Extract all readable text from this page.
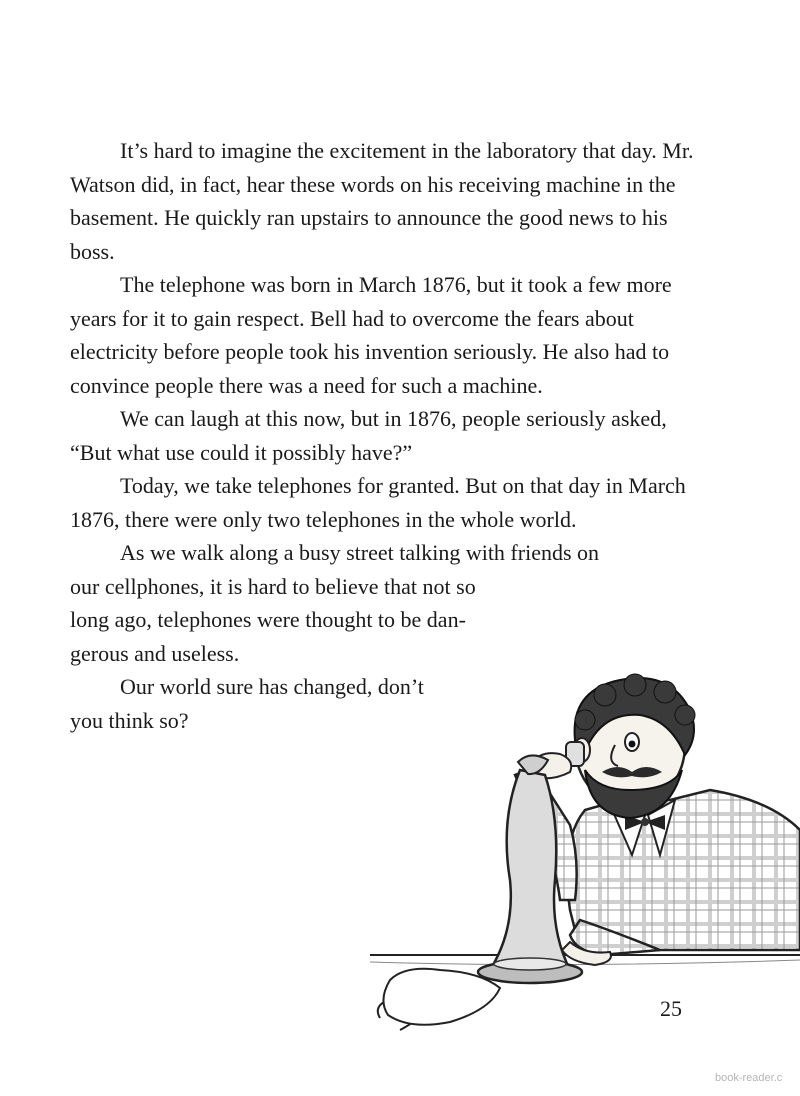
It’s hard to imagine the excitement in the laboratory that day. Mr. Watson did, in fact, hear these words on his receiving machine in the basement. He quickly ran upstairs to announce the good news to his boss.

The telephone was born in March 1876, but it took a few more years for it to gain respect. Bell had to overcome the fears about electricity before people took his invention seriously. He also had to convince people there was a need for such a machine.

We can laugh at this now, but in 1876, people seriously asked, “But what use could it possibly have?”

Today, we take telephones for granted. But on that day in March 1876, there were only two telephones in the whole world.

As we walk along a busy street talking with friends on
our cellphones, it is hard to believe that not so
long ago, telephones were thought to be dan-
gerous and useless.

Our world sure has changed, don’t
you think so?

25
book-reader.c
